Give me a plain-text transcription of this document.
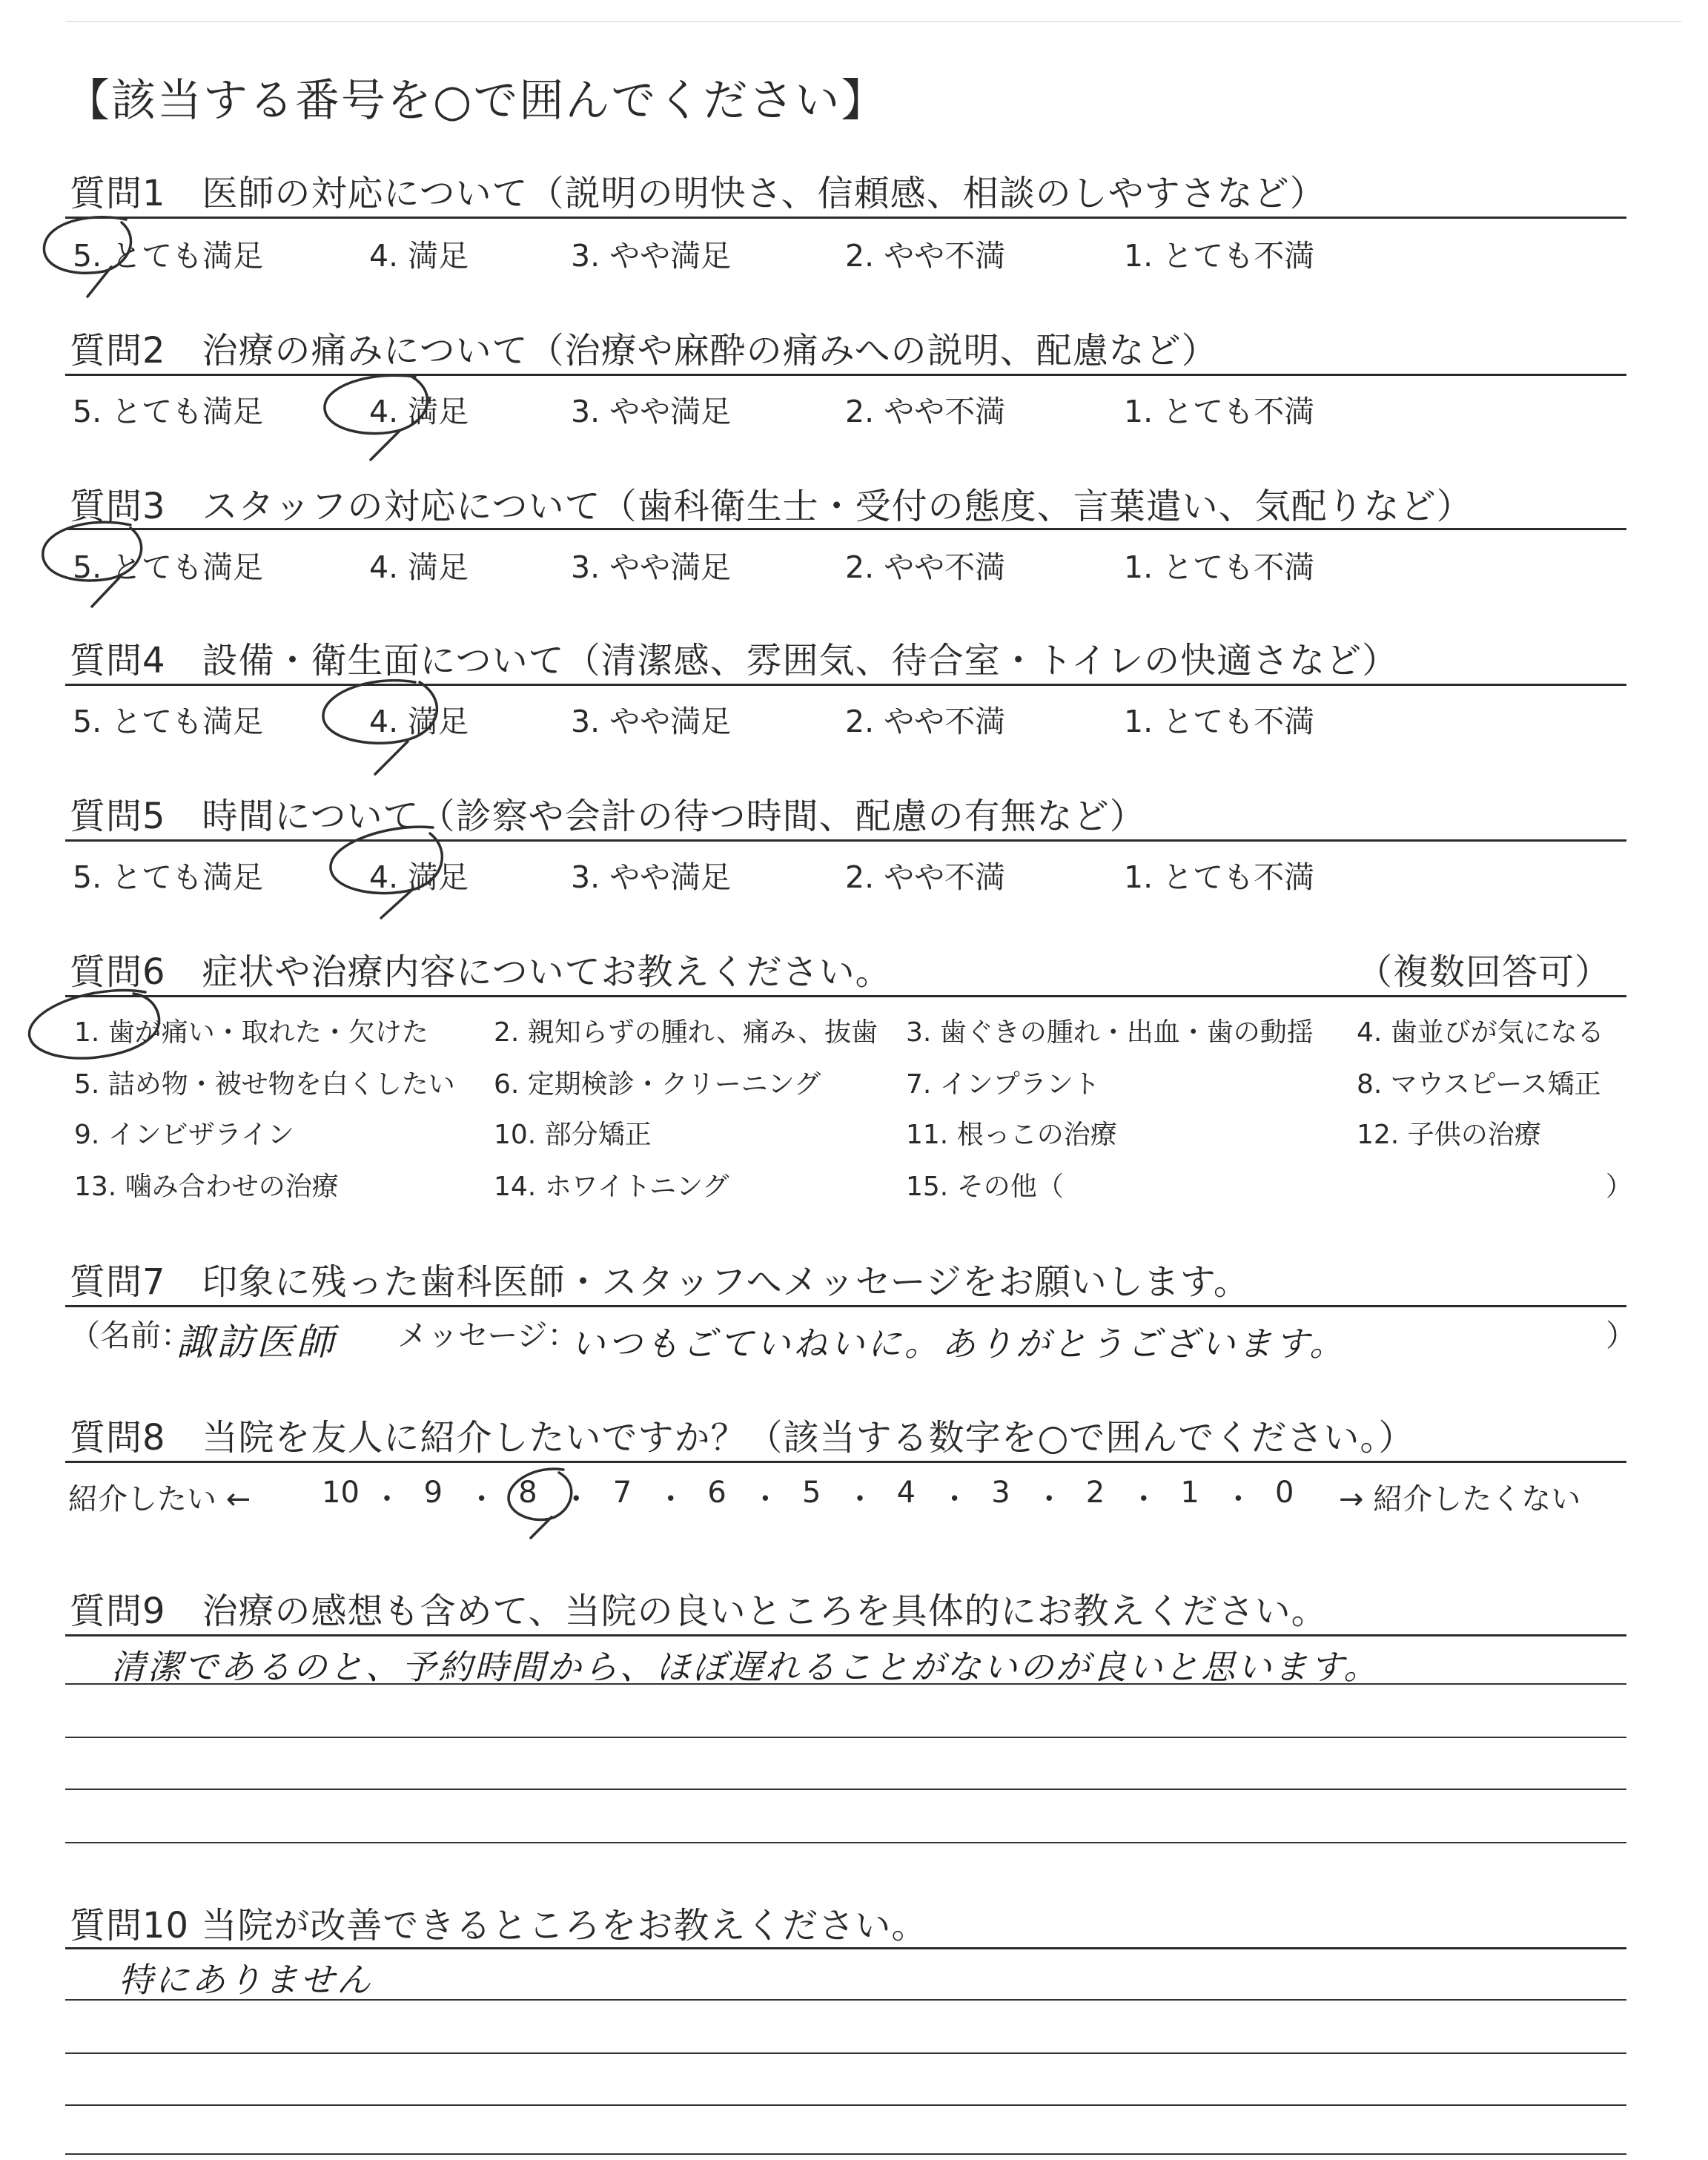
【該当する番号を○で囲んでください】
質問1　医師の対応について（説明の明快さ、信頼感、相談のしやすさなど）
5. とても満足	4. 満足	3. やや満足	2. やや不満	1. とても不満
質問2　治療の痛みについて（治療や麻酔の痛みへの説明、配慮など）
5. とても満足	4. 満足	3. やや満足	2. やや不満	1. とても不満
質問3　スタッフの対応について（歯科衛生士・受付の態度、言葉遣い、気配りなど）
5. とても満足	4. 満足	3. やや満足	2. やや不満	1. とても不満
質問4　設備・衛生面について（清潔感、雰囲気、待合室・トイレの快適さなど）
5. とても満足	4. 満足	3. やや満足	2. やや不満	1. とても不満
質問5　時間について（診察や会計の待つ時間、配慮の有無など）
5. とても満足	4. 満足	3. やや満足	2. やや不満	1. とても不満
質問6　症状や治療内容についてお教えください。	（複数回答可）
1. 歯が痛い・取れた・欠けた 2. 親知らずの腫れ、痛み、抜歯 3. 歯ぐきの腫れ・出血・歯の動揺 4. 歯並びが気になる
5. 詰め物・被せ物を白くしたい 6. 定期検診・クリーニング	7. インプラント	8. マウスピース矯正
9. インビザライン	10. 部分矯正	11. 根っこの治療	12. 子供の治療
13. 噛み合わせの治療	14. ホワイトニング	15. その他（	）
質問7　印象に残った歯科医師・スタッフへメッセージをお願いします。
（名前：
諏訪医師 メッセージ：
いつもごていねいに。ありがとうございます。	）
質問8　当院を友人に紹介したいですか？（該当する数字を○で囲んでください。）
紹介したい ←	→ 紹介したくない
10 ・ 9 ・ 8 ・ 7 ・ 6 ・ 5 ・ 4 ・ 3 ・ 2 ・ 1 ・ 0
質問9　治療の感想も含めて、当院の良いところを具体的にお教えください。
清潔であるのと、予約時間から、ほぼ遅れることがないのが良いと思います。
質問10 当院が改善できるところをお教えください。
特にありません
